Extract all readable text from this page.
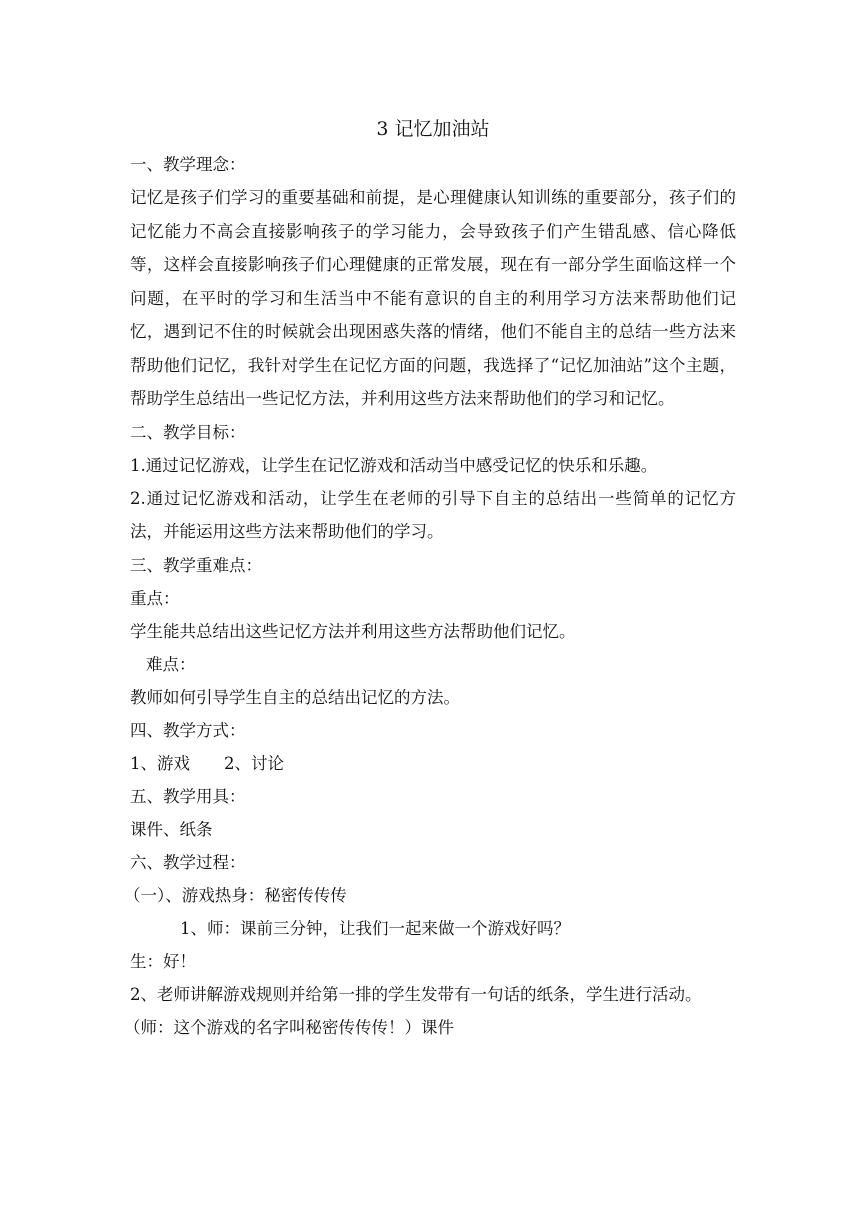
3 记忆加油站
一、教学理念：
记忆是孩子们学习的重要基础和前提，是心理健康认知训练的重要部分，孩子们的记忆能力不高会直接影响孩子的学习能力，会导致孩子们产生错乱感、信心降低等，这样会直接影响孩子们心理健康的正常发展，现在有一部分学生面临这样一个问题，在平时的学习和生活当中不能有意识的自主的利用学习方法来帮助他们记忆，遇到记不住的时候就会出现困惑失落的情绪，他们不能自主的总结一些方法来帮助他们记忆，我针对学生在记忆方面的问题，我选择了“记忆加油站”这个主题，帮助学生总结出一些记忆方法，并利用这些方法来帮助他们的学习和记忆。
二、教学目标：
1.通过记忆游戏，让学生在记忆游戏和活动当中感受记忆的快乐和乐趣。
2.通过记忆游戏和活动，让学生在老师的引导下自主的总结出一些简单的记忆方法，并能运用这些方法来帮助他们的学习。
三、教学重难点：
重点：
学生能共总结出这些记忆方法并利用这些方法帮助他们记忆。
难点：
教师如何引导学生自主的总结出记忆的方法。
四、教学方式：
1、游戏 2、讨论
五、教学用具：
课件、纸条
六、教学过程：
（一）、游戏热身：秘密传传传
1、师：课前三分钟，让我们一起来做一个游戏好吗？
生：好！
2、老师讲解游戏规则并给第一排的学生发带有一句话的纸条，学生进行活动。
（师：这个游戏的名字叫秘密传传传！）课件
